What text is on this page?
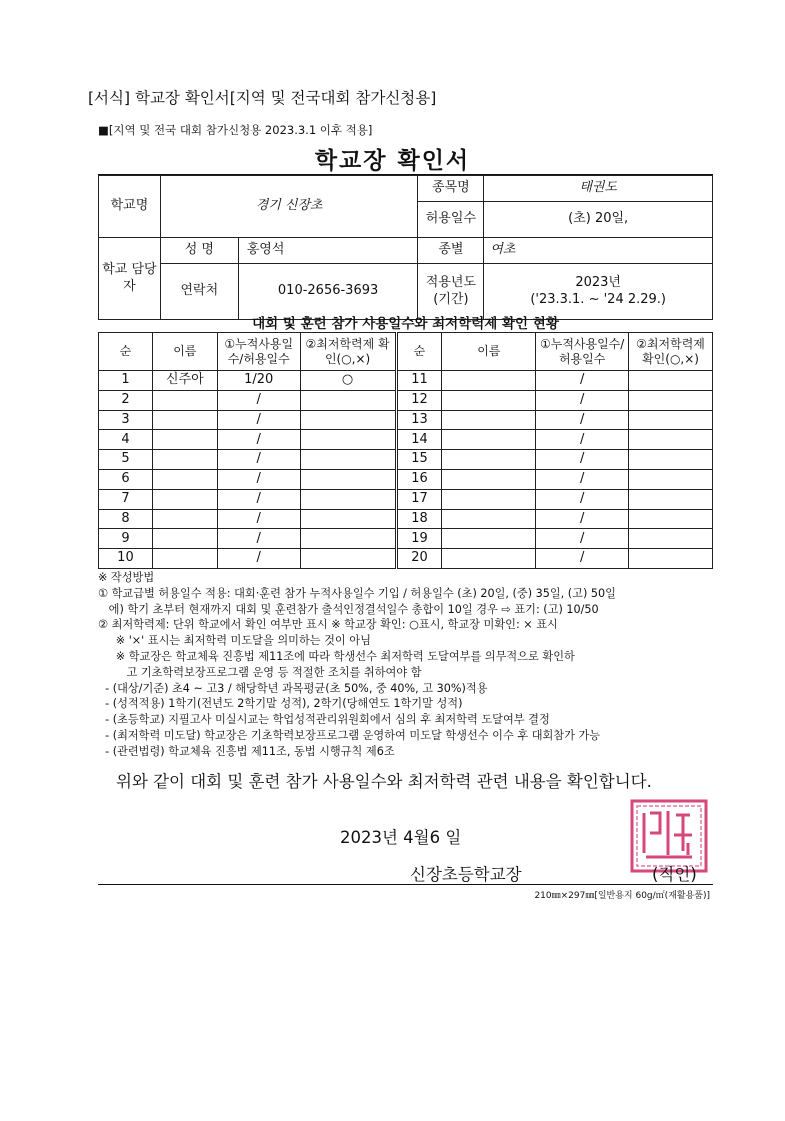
[서식] 학교장 확인서[지역 및 전국대회 참가신청용]
■[지역 및 전국 대회 참가신청용 2023.3.1 이후 적용]
학교장 확인서
학교명	경기 신장초		종목명	태권도
			허용일수	(초) 20일,
학교 담당자	성 명	홍영석	종별	여초
	연락처	010-2656-3693	적용년도 (기간)	2023년
('23.3.1. ~ '24 2.29.)
대회 및 훈련 참가 사용일수와 최저학력제 확인 현황
순	이름	①누적사용일수/허용일수	②최저학력제 확인(○,×)	순	이름	①누적사용일수/허용일수	②최저학력제 확인(○,×)
1	신주아	1/20	○	11		/	
2		/		12		/	
3		/		13		/	
4		/		14		/	
5		/		15		/	
6		/		16		/	
7		/		17		/	
8		/		18		/	
9		/		19		/	
10		/		20		/	
※ 작성방법
① 학교급별 허용일수 적용: 대회·훈련 참가 누적사용일수 기입 / 허용일수 (초) 20일, (중) 35일, (고) 50일
에) 학기 초부터 현재까지 대회 및 훈련참가 출석인정결석일수 총합이 10일 경우 ⇨ 표기: (고) 10/50
② 최저학력제: 단위 학교에서 확인 여부만 표시 ※ 학교장 확인: ○표시, 학교장 미확인: × 표시
※ '×' 표시는 최저학력 미도달을 의미하는 것이 아님
※ 학교장은 학교체육 진흥법 제11조에 따라 학생선수 최저학력 도달여부를 의무적으로 확인하
고 기초학력보장프로그램 운영 등 적절한 조치를 취하여야 함
- (대상/기준) 초4 ~ 고3 / 해당학년 과목평균(초 50%, 중 40%, 고 30%)적용
- (성적적용) 1학기(전년도 2학기말 성적), 2학기(당해연도 1학기말 성적)
- (초등학교) 지필고사 미실시교는 학업성적관리위원회에서 심의 후 최저학력 도달여부 결정
- (최저학력 미도달) 학교장은 기초학력보장프로그램 운영하여 미도달 학생선수 이수 후 대회참가 가능
- (관련법령) 학교체육 진흥법 제11조, 동법 시행규칙 제6조
위와 같이 대회 및 훈련 참가 사용일수와 최저학력 관련 내용을 확인합니다.
2023년 4월6 일
신장초등학교장	(직인)
210㎜×297㎜[일반용지 60g/㎡(재활용품)]
